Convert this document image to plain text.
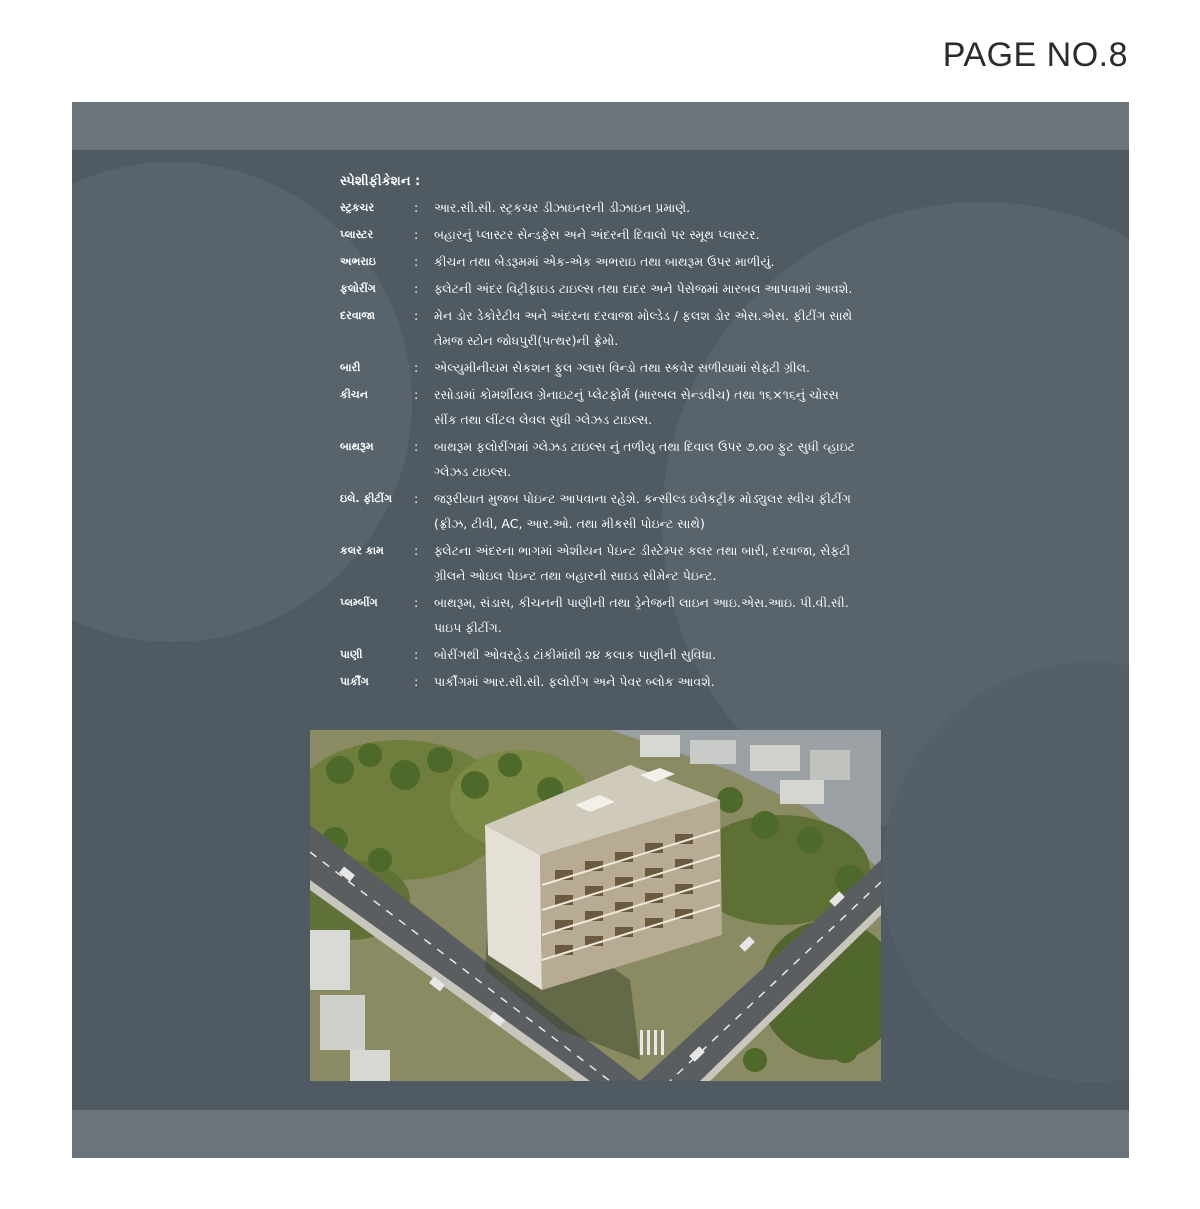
PAGE NO.8
સ્પેશીફીકેશન :
સ્ટ્રકચર	:	આર.સી.સી. સ્ટ્રકચર ડીઝાઇનરની ડીઝાઇન પ્રમાણે.
પ્લાસ્ટર	:	બહારનું પ્લાસ્ટર સેન્ડફેસ અને અંદરની દિવાલો પર સ્મૂથ પ્લાસ્ટર.
અભરાઇ	:	કીચન તથા બેડરૂમમાં એક-એક અભરાઇ તથા બાથરૂમ ઉપર માળીયું.
ફલોરીંગ	:	ફ્લેટની અંદર વિટ્રીફાઇડ ટાઇલ્સ તથા દાદર અને પેસેજમાં મારબલ આપવામાં આવશે.
દરવાજા	:	મેન ડોર ડેકોરેટીવ અને અંદરના દરવાજા મોલ્ડેડ / ફલશ ડોર એસ.એસ. ફીટીંગ સાથે તેમજ સ્ટોન જોધપુરી(પત્થર)ની ફ્રેમો.
બારી	:	એલ્યુમીનીયમ સેકશન ફુલ ગ્લાસ વિન્ડો તથા સ્કવેર સળીયામાં સેફ્ટી ગ્રીલ.
કીચન	:	રસોડામાં કોમર્શીયલ ગ્રેનાઇટનું પ્લેટફોર્મ (મારબલ સેન્ડવીચ) તથા ૧૬×૧૬નું ચોરસ સીંક તથા લીંટલ લેવલ સુધી ગ્લેઝડ ટાઇલ્સ.
બાથરૂમ	:	બાથરૂમ ફલોરીંગમાં ગ્લેઝડ ટાઇલ્સ નું તળીયુ તથા દિવાલ ઉપર ૭.૦૦ ફુટ સુધી વ્હાઇટ ગ્લેઝડ ટાઇલ્સ.
ઇલે. ફીટીંગ	:	જરૂરીયાત મુજબ પોઇન્ટ આપવાના રહેશે. કન્સીલ્ડ ઇલેકટ્રીક મોડ્યુલર સ્વીચ ફીટીંગ (ફ્રીઝ, ટીવી, AC, આર.ઓ. તથા મીકસી પોઇન્ટ સાથે)
કલર કામ	:	ફ્લેટના અંદરના ભાગમાં એશીયન પેઇન્ટ ડીસ્ટેમ્પર કલર તથા બારી, દરવાજા, સેફટી ગ્રીલને ઓઇલ પેઇન્ટ તથા બહારની સાઇડ સીમેન્ટ પેઇન્ટ.
પ્લમ્બીંગ	:	બાથરૂમ, સંડાસ, કીચનની પાણીની તથા ડ્રેનેજની લાઇન આઇ.એસ.આઇ. પી.વી.સી. પાઇપ ફીટીંગ.
પાણી	:	બોરીંગથી ઓવરહેડ ટાંકીમાંથી ૨૪ કલાક પાણીની સુવિધા.
પાર્કીંગ	:	પાર્કીંગમાં આર.સી.સી. ફલોરીંગ અને પેવર બ્લોક આવશે.
